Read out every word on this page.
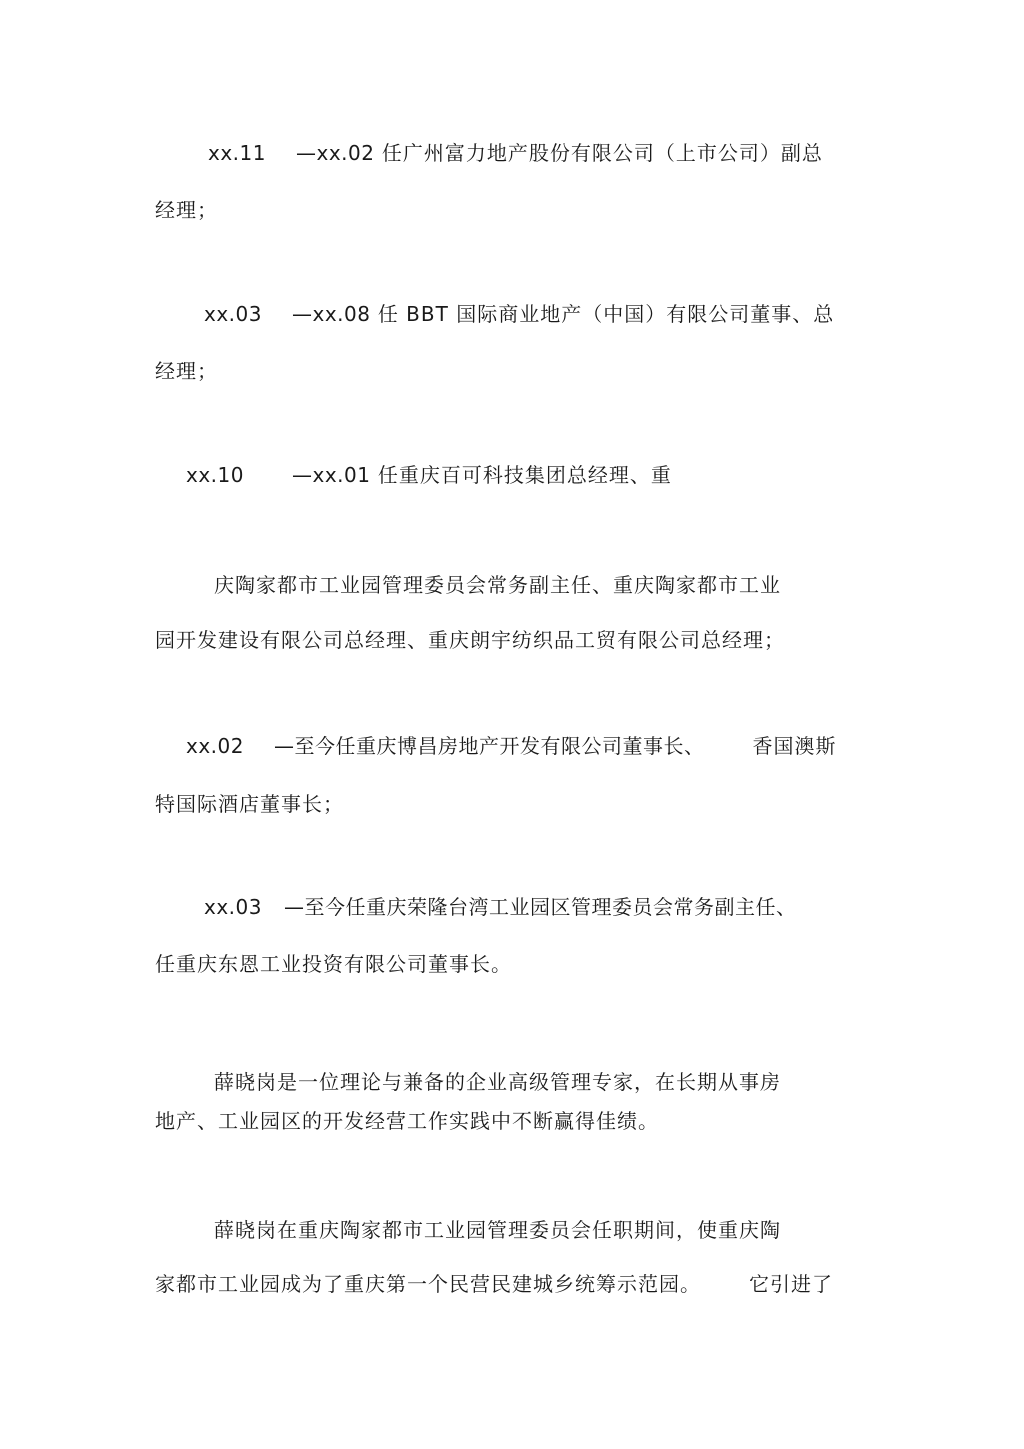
xx.11 —xx.02 任广州富力地产股份有限公司（上市公司）副总
经理；
xx.03 —xx.08 任 BBT 国际商业地产（中国）有限公司董事、总
经理；
xx.10 —xx.01 任重庆百可科技集团总经理、重
庆陶家都市工业园管理委员会常务副主任、重庆陶家都市工业
园开发建设有限公司总经理、重庆朗宇纺织品工贸有限公司总经理；
xx.02 —至今任重庆博昌房地产开发有限公司董事长、 香国澳斯
特国际酒店董事长；
xx.03 —至今任重庆荣隆台湾工业园区管理委员会常务副主任、
任重庆东恩工业投资有限公司董事长。
薛晓岗是一位理论与兼备的企业高级管理专家，在长期从事房
地产、工业园区的开发经营工作实践中不断赢得佳绩。
薛晓岗在重庆陶家都市工业园管理委员会任职期间，使重庆陶
家都市工业园成为了重庆第一个民营民建城乡统筹示范园。 它引进了
